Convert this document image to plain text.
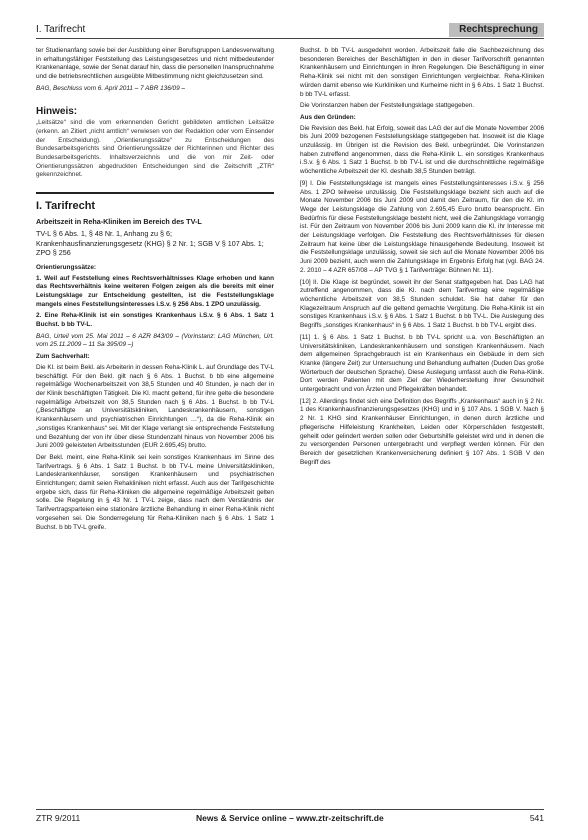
I. Tarifrecht	Rechtsprechung

ter Studienanfang sowie bei der Ausbildung einer Berufsgruppen Landesverwaltung in erhaltungsfähiger Feststellung des Leistungsgesetzes und nicht mitbedeutender Krankenanlage, sowie der Senat darauf hin, dass die personellen Inanspruchnahme und die betriebsrechtlichen ausgeübte Mitbestimmung nicht gleichzusetzen sind.

BAG, Beschluss vom 6. April 2011 – 7 ABR 136/09 –

Hinweis:

„Leitsätze“ sind die vom erkennenden Gericht gebildeten amtlichen Leitsätze (erkenn. an Zitiert „nicht amtlich“ verwiesen von der Redaktion oder vom Einsender der Entscheidung). „Orientierungssätze“ zu Entscheidungen des Bundesarbeitsgerichts sind Orientierungssätze der Richterinnen und Richter des Bundesarbeitsgerichts. Inhaltsverzeichnis und die von mir Zeit- oder Orientierungssätzen abgedruckten Entscheidungen sind die Zeitschrift „ZTR“ gekennzeichnet.

I. Tarifrecht
Arbeitszeit in Reha-Kliniken im Bereich des TV-L
TV-L § 6 Abs. 1, § 48 Nr. 1, Anhang zu § 6; Krankenhausfinanzierungsgesetz (KHG) § 2 Nr. 1; SGB V § 107 Abs. 1; ZPO § 256
Orientierungssätze:

1. Weil auf Feststellung eines Rechtsverhältnisses Klage erhoben und kann das Rechtsverhältnis keine weiteren Folgen zeigen als die bereits mit einer Leistungsklage zur Entscheidung gestellten, ist die Feststellungsklage mangels eines Feststellungsinteresses i.S.v. § 256 Abs. 1 ZPO unzulässig.

2. Eine Reha-Klinik ist ein sonstiges Krankenhaus i.S.v. § 6 Abs. 1 Satz 1 Buchst. b bb TV-L.

BAG, Urteil vom 25. Mai 2011 – 6 AZR 843/09 – (Vorinstanz: LAG München, Urt. vom 25.11.2009 – 11 Sa 395/09 –)

Zum Sachverhalt:

Die Kl. ist beim Bekl. als Arbeiterin in dessen Reha-Klinik L. auf Grundlage des TV-L beschäftigt. Für den Bekl. gilt nach § 6 Abs. 1 Buchst. b bb eine allgemeine regelmäßige Wochenarbeitszeit von 38,5 Stunden und 40 Stunden, je nach der in der Klinik beschäftigten Tätigkeit. Die Kl. macht geltend, für ihre gelte die besondere regelmäßige Arbeitszeit von 38,5 Stunden nach § 6 Abs. 1 Buchst. b bb TV-L („Beschäftigte an Universitätskliniken, Landeskrankenhäusern, sonstigen Krankenhäusern und psychiatrischen Einrichtungen …“), da die Reha-Klinik ein „sonstiges Krankenhaus“ sei. Mit der Klage verlangt sie entsprechende Feststellung und Bezahlung der von ihr über diese Stundenzahl hinaus von November 2006 bis Juni 2009 geleisteten Arbeitsstunden (EUR 2.695,45) brutto.

Der Bekl. meint, eine Reha-Klinik sei kein sonstiges Krankenhaus im Sinne des Tarifvertrags. § 6 Abs. 1 Satz 1 Buchst. b bb TV-L meine Universitätskliniken, Landeskrankenhäuser, sonstigen Krankenhäusern und psychiatrischen Einrichtungen; damit seien Rehakliniken nicht erfasst. Auch aus der Tarifgeschichte ergebe sich, dass für Reha-Kliniken die allgemeine regelmäßige Arbeitszeit gelten solle. Die Regelung in § 43 Nr. 1 TV-L zeige, dass nach dem Verständnis der Tarifvertragsparteien eine stationäre ärztliche Behandlung in einer Reha-Klinik nicht vorgesehen sei. Die Sonderregelung für Reha-Kliniken nach § 6 Abs. 1 Satz 1 Buchst. b bb TV-L greife.

Buchst. b bb TV-L ausgedehnt worden. Arbeitszeit falle die Sachbezeichnung des besonderen Bereiches der Beschäftigten in den in dieser Tarifvorschrift genannten Krankenhäusern und Einrichtungen in ihren Regelungen. Die Beschäftigung in einer Reha-Klinik sei nicht mit den sonstigen Einrichtungen vergleichbar. Reha-Kliniken würden damit ebenso wie Kurkliniken und Kurheime nicht in § 6 Abs. 1 Satz 1 Buchst. b bb TV-L erfasst.

Die Vorinstanzen haben der Feststellungsklage stattgegeben.

Aus den Gründen:

Die Revision des Bekl. hat Erfolg, soweit das LAG der auf die Monate November 2006 bis Juni 2009 bezogenen Feststellungsklage stattgegeben hat. Insoweit ist die Klage unzulässig. Im Übrigen ist die Revision des Bekl. unbegründet. Die Vorinstanzen haben zutreffend angenommen, dass die Reha-Klinik L. ein sonstiges Krankenhaus i.S.v. § 6 Abs. 1 Satz 1 Buchst. b bb TV-L ist und die durchschnittliche regelmäßige wöchentliche Arbeitszeit der Kl. deshalb 38,5 Stunden beträgt.

[9] I. Die Feststellungsklage ist mangels eines Feststellungsinteresses i.S.v. § 256 Abs. 1 ZPO teilweise unzulässig. Die Feststellungsklage bezieht sich auch auf die Monate November 2006 bis Juni 2009 und damit den Zeitraum, für den die Kl. im Wege der Leistungsklage die Zahlung von 2.695,45 Euro brutto beansprucht. Ein Bedürfnis für diese Feststellungsklage besteht nicht, weil die Zahlungsklage vorrangig ist. Für den Zeitraum von November 2006 bis Juni 2009 kann die Kl. ihr Interesse mit der Leistungsklage verfolgen. Die Feststellung des Rechtsverhältnisses für diesen Zeitraum hat keine über die Leistungsklage hinausgehende Bedeutung. Insoweit ist die Feststellungsklage unzulässig, soweit sie sich auf die Monate November 2006 bis Juni 2009 bezieht, auch wenn die Zahlungsklage im Ergebnis Erfolg hat (vgl. BAG 24. 2. 2010 – 4 AZR 657/08 – AP TVG § 1 Tarifverträge: Bühnen Nr. 11).

[10] II. Die Klage ist begründet, soweit ihr der Senat stattgegeben hat. Das LAG hat zutreffend angenommen, dass die Kl. nach dem Tarifvertrag eine regelmäßige wöchentliche Arbeitszeit von 38,5 Stunden schuldet. Sie hat daher für den Klagezeitraum Anspruch auf die geltend gemachte Vergütung. Die Reha-Klinik ist ein sonstiges Krankenhaus i.S.v. § 6 Abs. 1 Satz 1 Buchst. b bb TV-L. Die Auslegung des Begriffs „sonstiges Krankenhaus“ in § 6 Abs. 1 Satz 1 Buchst. b bb TV-L ergibt dies.

[11] 1. § 6 Abs. 1 Satz 1 Buchst. b bb TV-L spricht u.a. von Beschäftigten an Universitätskliniken, Landeskrankenhäusern und sonstigen Krankenhäusern. Nach dem allgemeinen Sprachgebrauch ist ein Krankenhaus ein Gebäude in dem sich Kranke (längere Zeit) zur Untersuchung und Behandlung aufhalten (Duden Das große Wörterbuch der deutschen Sprache). Diese Auslegung umfasst auch die Reha-Klinik. Dort werden Patienten mit dem Ziel der Wiederherstellung ihrer Gesundheit untergebracht und von Ärzten und Pflegekräften behandelt.

[12] 2. Allerdings findet sich eine Definition des Begriffs „Krankenhaus“ auch in § 2 Nr. 1 des Krankenhausfinanzierungsgesetzes (KHG) und in § 107 Abs. 1 SGB V. Nach § 2 Nr. 1 KHG sind Krankenhäuser Einrichtungen, in denen durch ärztliche und pflegerische Hilfeleistung Krankheiten, Leiden oder Körperschäden festgestellt, geheilt oder gelindert werden sollen oder Geburtshilfe geleistet wird und in denen die zu versorgenden Personen untergebracht und verpflegt werden können. Für den Bereich der gesetzlichen Krankenversicherung definiert § 107 Abs. 1 SGB V den Begriff des

ZTR 9/2011	News & Service online – www.ztr-zeitschrift.de	541
